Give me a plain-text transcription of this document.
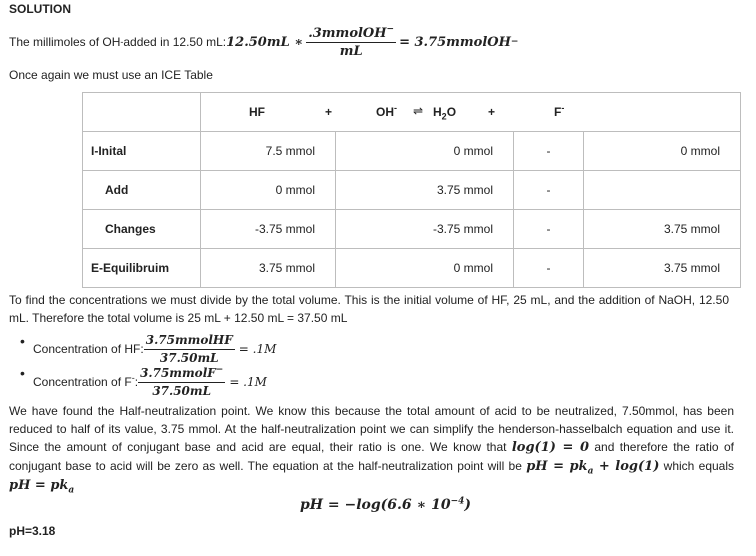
SOLUTION
The millimoles of OH - added in 12.50 mL: 12.50mL ∗ $\frac{.3mmolOH^-}{mL}$ = 3.75mmolOH −
Once again we must use an ICE Table

HF	+	OH- ⇌ $H_2O$	+	F-

I-Inital	7.5 mmol	0 mmol	-	0 mmol
Add	0 mmol	3.75 mmol	-	
Changes	-3.75 mmol	-3.75 mmol	-	3.75 mmol
E-Equilibruim	3.75 mmol	0 mmol	-	3.75 mmol
To find the concentrations we must divide by the total volume. This is the initial volume of HF, 25 mL, and the addition of NaOH, 12.50 mL. Therefore the total volume is 25 mL + 12.50 mL = 37.50 mL
• Concentration of HF: $\frac{\text{3.75mmolHF}}{37.50mL} = .1M$
• Concentration of F-: $\frac{3.75mmolF^-}{37.50mL} = .1M$
We have found the Half-neutralization point. We know this because the total amount of acid to be neutralized, 7.50mmol, has been reduced to half of its value, 3.75 mmol. At the half-neutralization point we can simplify the henderson-hasselbalch equation and use it. Since the amount of conjugant base and acid are equal, their ratio is one. We know that log(1) = 0 and therefore the ratio of conjugant base to acid will be zero as well. The equation at the half-neutralization point will be pH = $pk_a + \log(1)$ which equals pH = $pk_a$
pH = −log(6.6 ∗ $10^{-4}$)
pH=3.18
